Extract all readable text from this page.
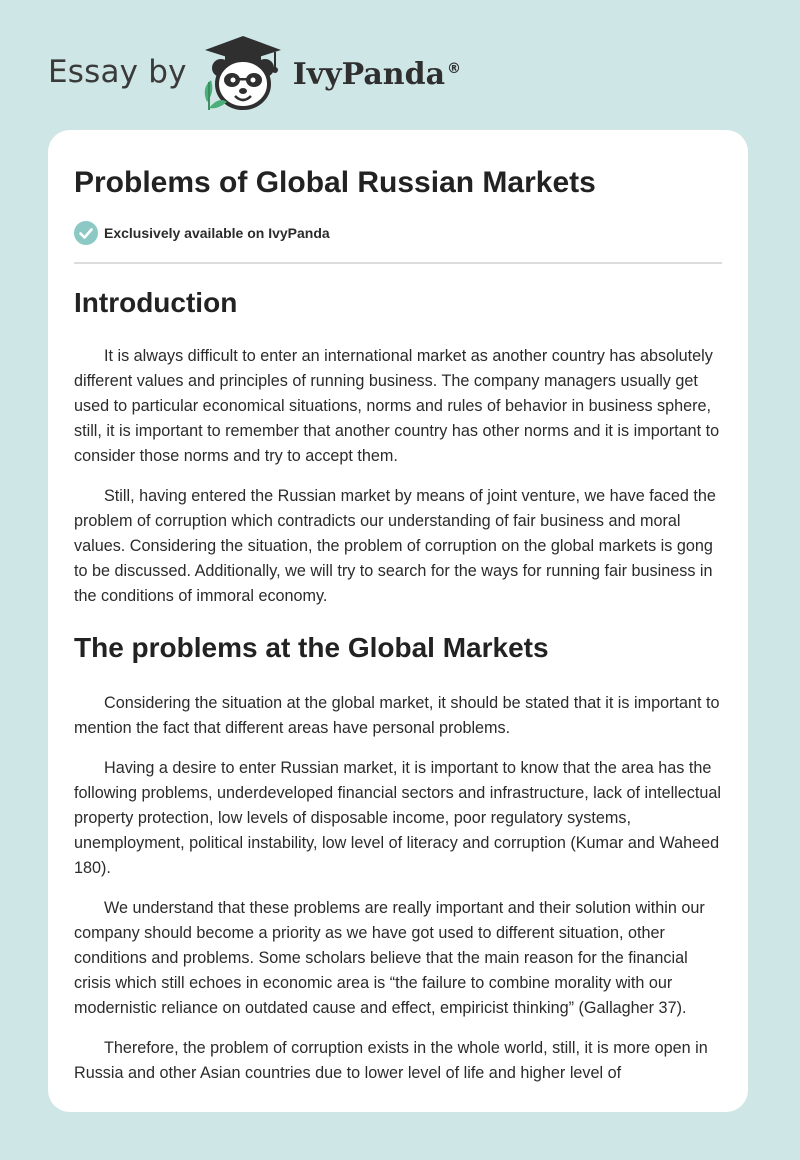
Essay by	IvyPanda ®
Problems of Global Russian Markets
Exclusively available on IvyPanda
Introduction

It is always difficult to enter an international market as another country has absolutely different values and principles of running business. The company managers usually get used to particular economical situations, norms and rules of behavior in business sphere, still, it is important to remember that another country has other norms and it is important to consider those norms and try to accept them.

Still, having entered the Russian market by means of joint venture, we have faced the problem of corruption which contradicts our understanding of fair business and moral values. Considering the situation, the problem of corruption on the global markets is gong to be discussed. Additionally, we will try to search for the ways for running fair business in the conditions of immoral economy.

The problems at the Global Markets

Considering the situation at the global market, it should be stated that it is important to mention the fact that different areas have personal problems.

Having a desire to enter Russian market, it is important to know that the area has the following problems, underdeveloped financial sectors and infrastructure, lack of intellectual property protection, low levels of disposable income, poor regulatory systems, unemployment, political instability, low level of literacy and corruption (Kumar and Waheed 180).

We understand that these problems are really important and their solution within our company should become a priority as we have got used to different situation, other conditions and problems. Some scholars believe that the main reason for the financial crisis which still echoes in economic area is “the failure to combine morality with our modernistic reliance on outdated cause and effect, empiricist thinking” (Gallagher 37).

Therefore, the problem of corruption exists in the whole world, still, it is more open in Russia and other Asian countries due to lower level of life and higher level of
